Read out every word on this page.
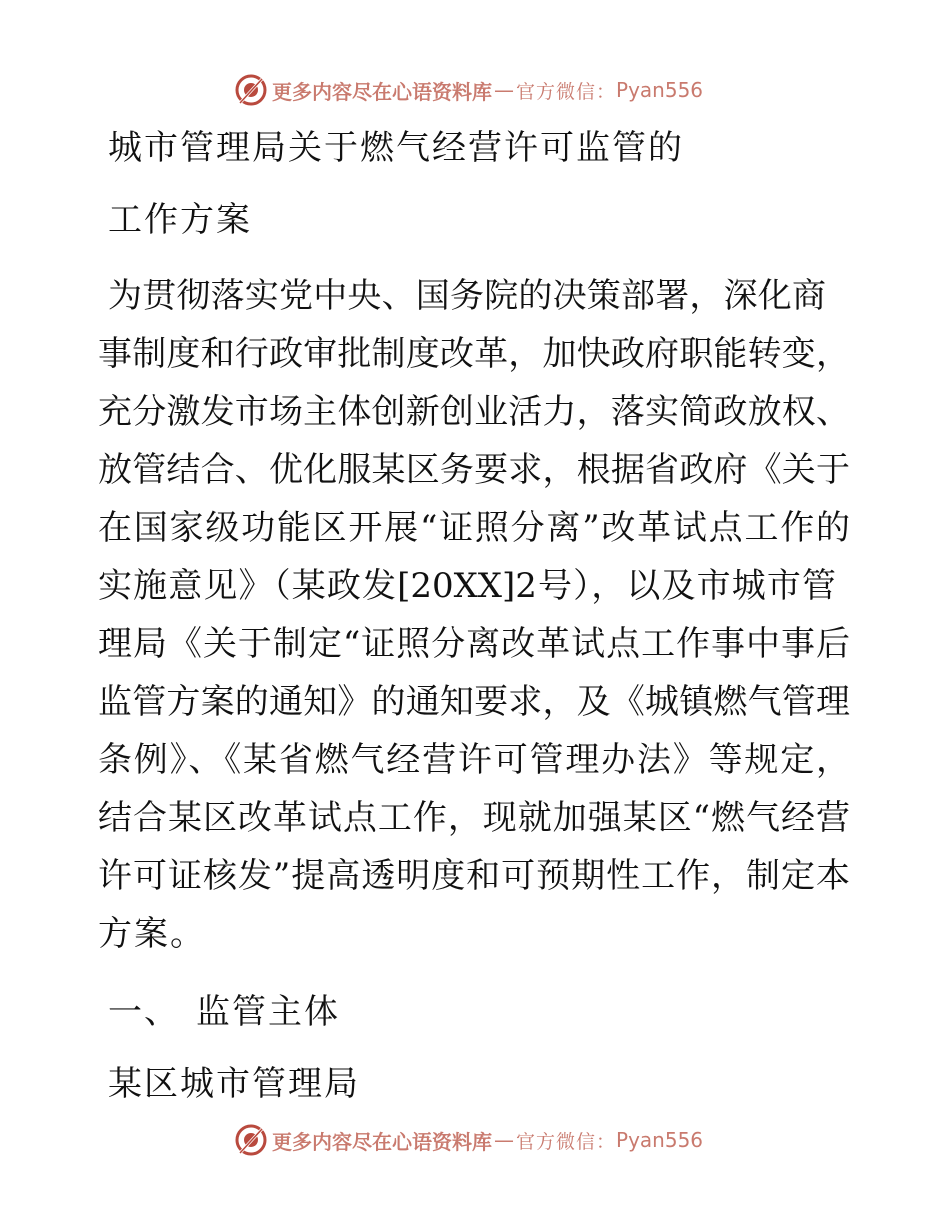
更多内容尽在心语资料库 — 官方微信： Pyan556
城市管理局关于燃气经营许可监管的
工作方案
为贯彻落实党中央、国务院的决策部署，深化商
事制度和行政审批制度改革，加快政府职能转变，
充分激发市场主体创新创业活力，落实简政放权、
放管结合、优化服某区务要求，根据省政府《关于
在国家级功能区开展“证照分离”改革试点工作的
实施意见》（某政发[20XX]2号），以及市城市管
理局《关于制定“证照分离改革试点工作事中事后
监管方案的通知》的通知要求，及《城镇燃气管理
条例》、《某省燃气经营许可管理办法》等规定，
结合某区改革试点工作，现就加强某区“燃气经营
许可证核发”提高透明度和可预期性工作，制定本
方案。
一、 监管主体
某区城市管理局
更多内容尽在心语资料库 — 官方微信： Pyan556
